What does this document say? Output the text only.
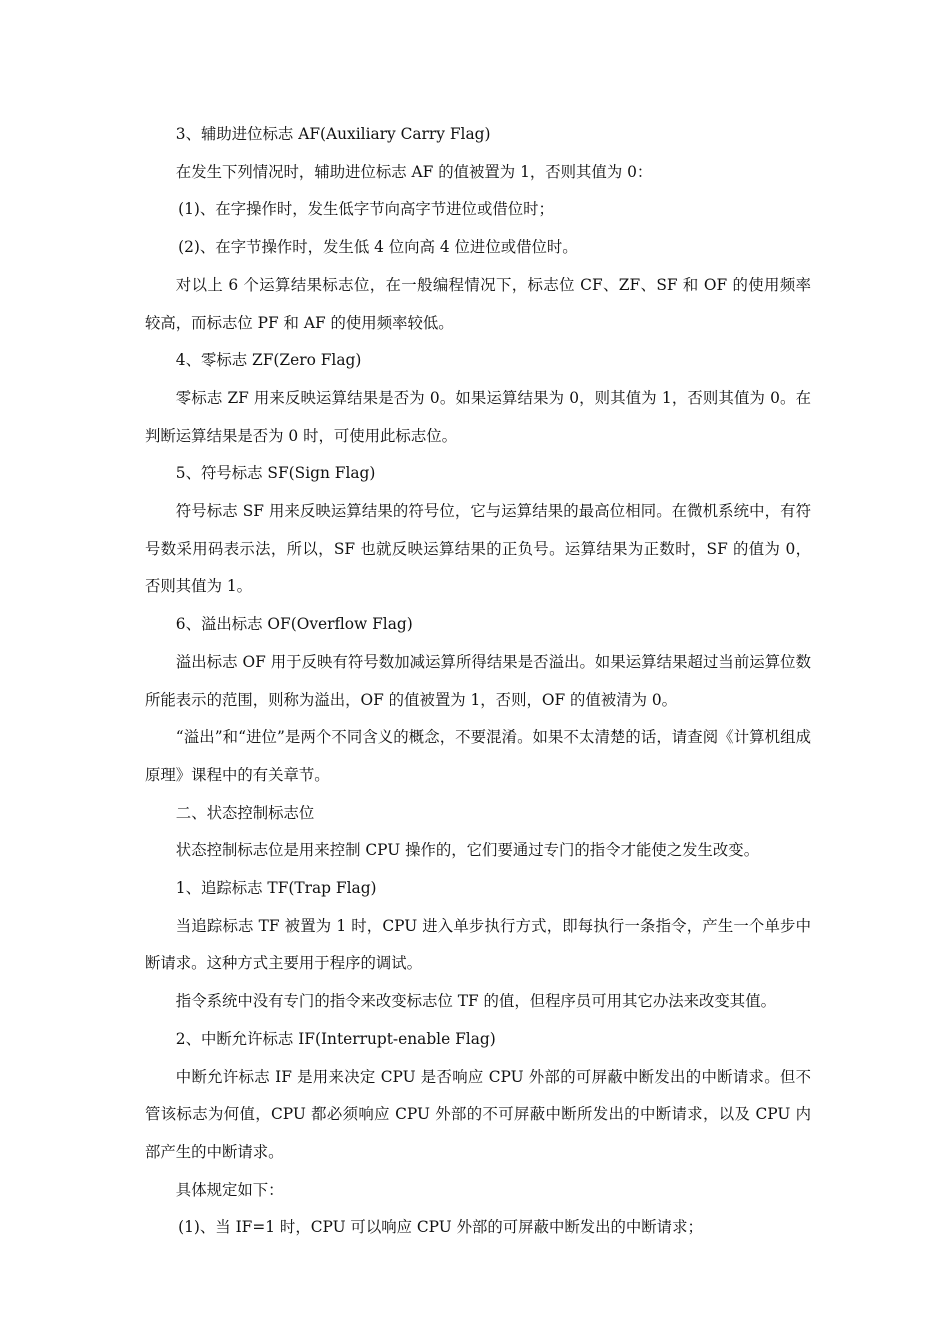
3、辅助进位标志 AF(Auxiliary Carry Flag)

在发生下列情况时，辅助进位标志 AF 的值被置为 1，否则其值为 0：

(1)、在字操作时，发生低字节向高字节进位或借位时；

(2)、在字节操作时，发生低 4 位向高 4 位进位或借位时。

对以上 6 个运算结果标志位，在一般编程情况下，标志位 CF、ZF、SF 和 OF 的使用频率较高，而标志位 PF 和 AF 的使用频率较低。

4、零标志 ZF(Zero Flag)

零标志 ZF 用来反映运算结果是否为 0。如果运算结果为 0，则其值为 1，否则其值为 0。在判断运算结果是否为 0 时，可使用此标志位。

5、符号标志 SF(Sign Flag)

符号标志 SF 用来反映运算结果的符号位，它与运算结果的最高位相同。在微机系统中，有符号数采用码表示法，所以，SF 也就反映运算结果的正负号。运算结果为正数时，SF 的值为 0，否则其值为 1。

6、溢出标志 OF(Overflow Flag)

溢出标志 OF 用于反映有符号数加减运算所得结果是否溢出。如果运算结果超过当前运算位数所能表示的范围，则称为溢出，OF 的值被置为 1，否则，OF 的值被清为 0。

“溢出”和“进位”是两个不同含义的概念，不要混淆。如果不太清楚的话，请查阅《计算机组成原理》课程中的有关章节。

二、状态控制标志位

状态控制标志位是用来控制 CPU 操作的，它们要通过专门的指令才能使之发生改变。

1、追踪标志 TF(Trap Flag)

当追踪标志 TF 被置为 1 时，CPU 进入单步执行方式，即每执行一条指令，产生一个单步中断请求。这种方式主要用于程序的调试。

指令系统中没有专门的指令来改变标志位 TF 的值，但程序员可用其它办法来改变其值。

2、中断允许标志 IF(Interrupt-enable Flag)

中断允许标志 IF 是用来决定 CPU 是否响应 CPU 外部的可屏蔽中断发出的中断请求。但不管该标志为何值，CPU 都必须响应 CPU 外部的不可屏蔽中断所发出的中断请求，以及 CPU 内部产生的中断请求。

具体规定如下：

(1)、当 IF=1 时，CPU 可以响应 CPU 外部的可屏蔽中断发出的中断请求；
